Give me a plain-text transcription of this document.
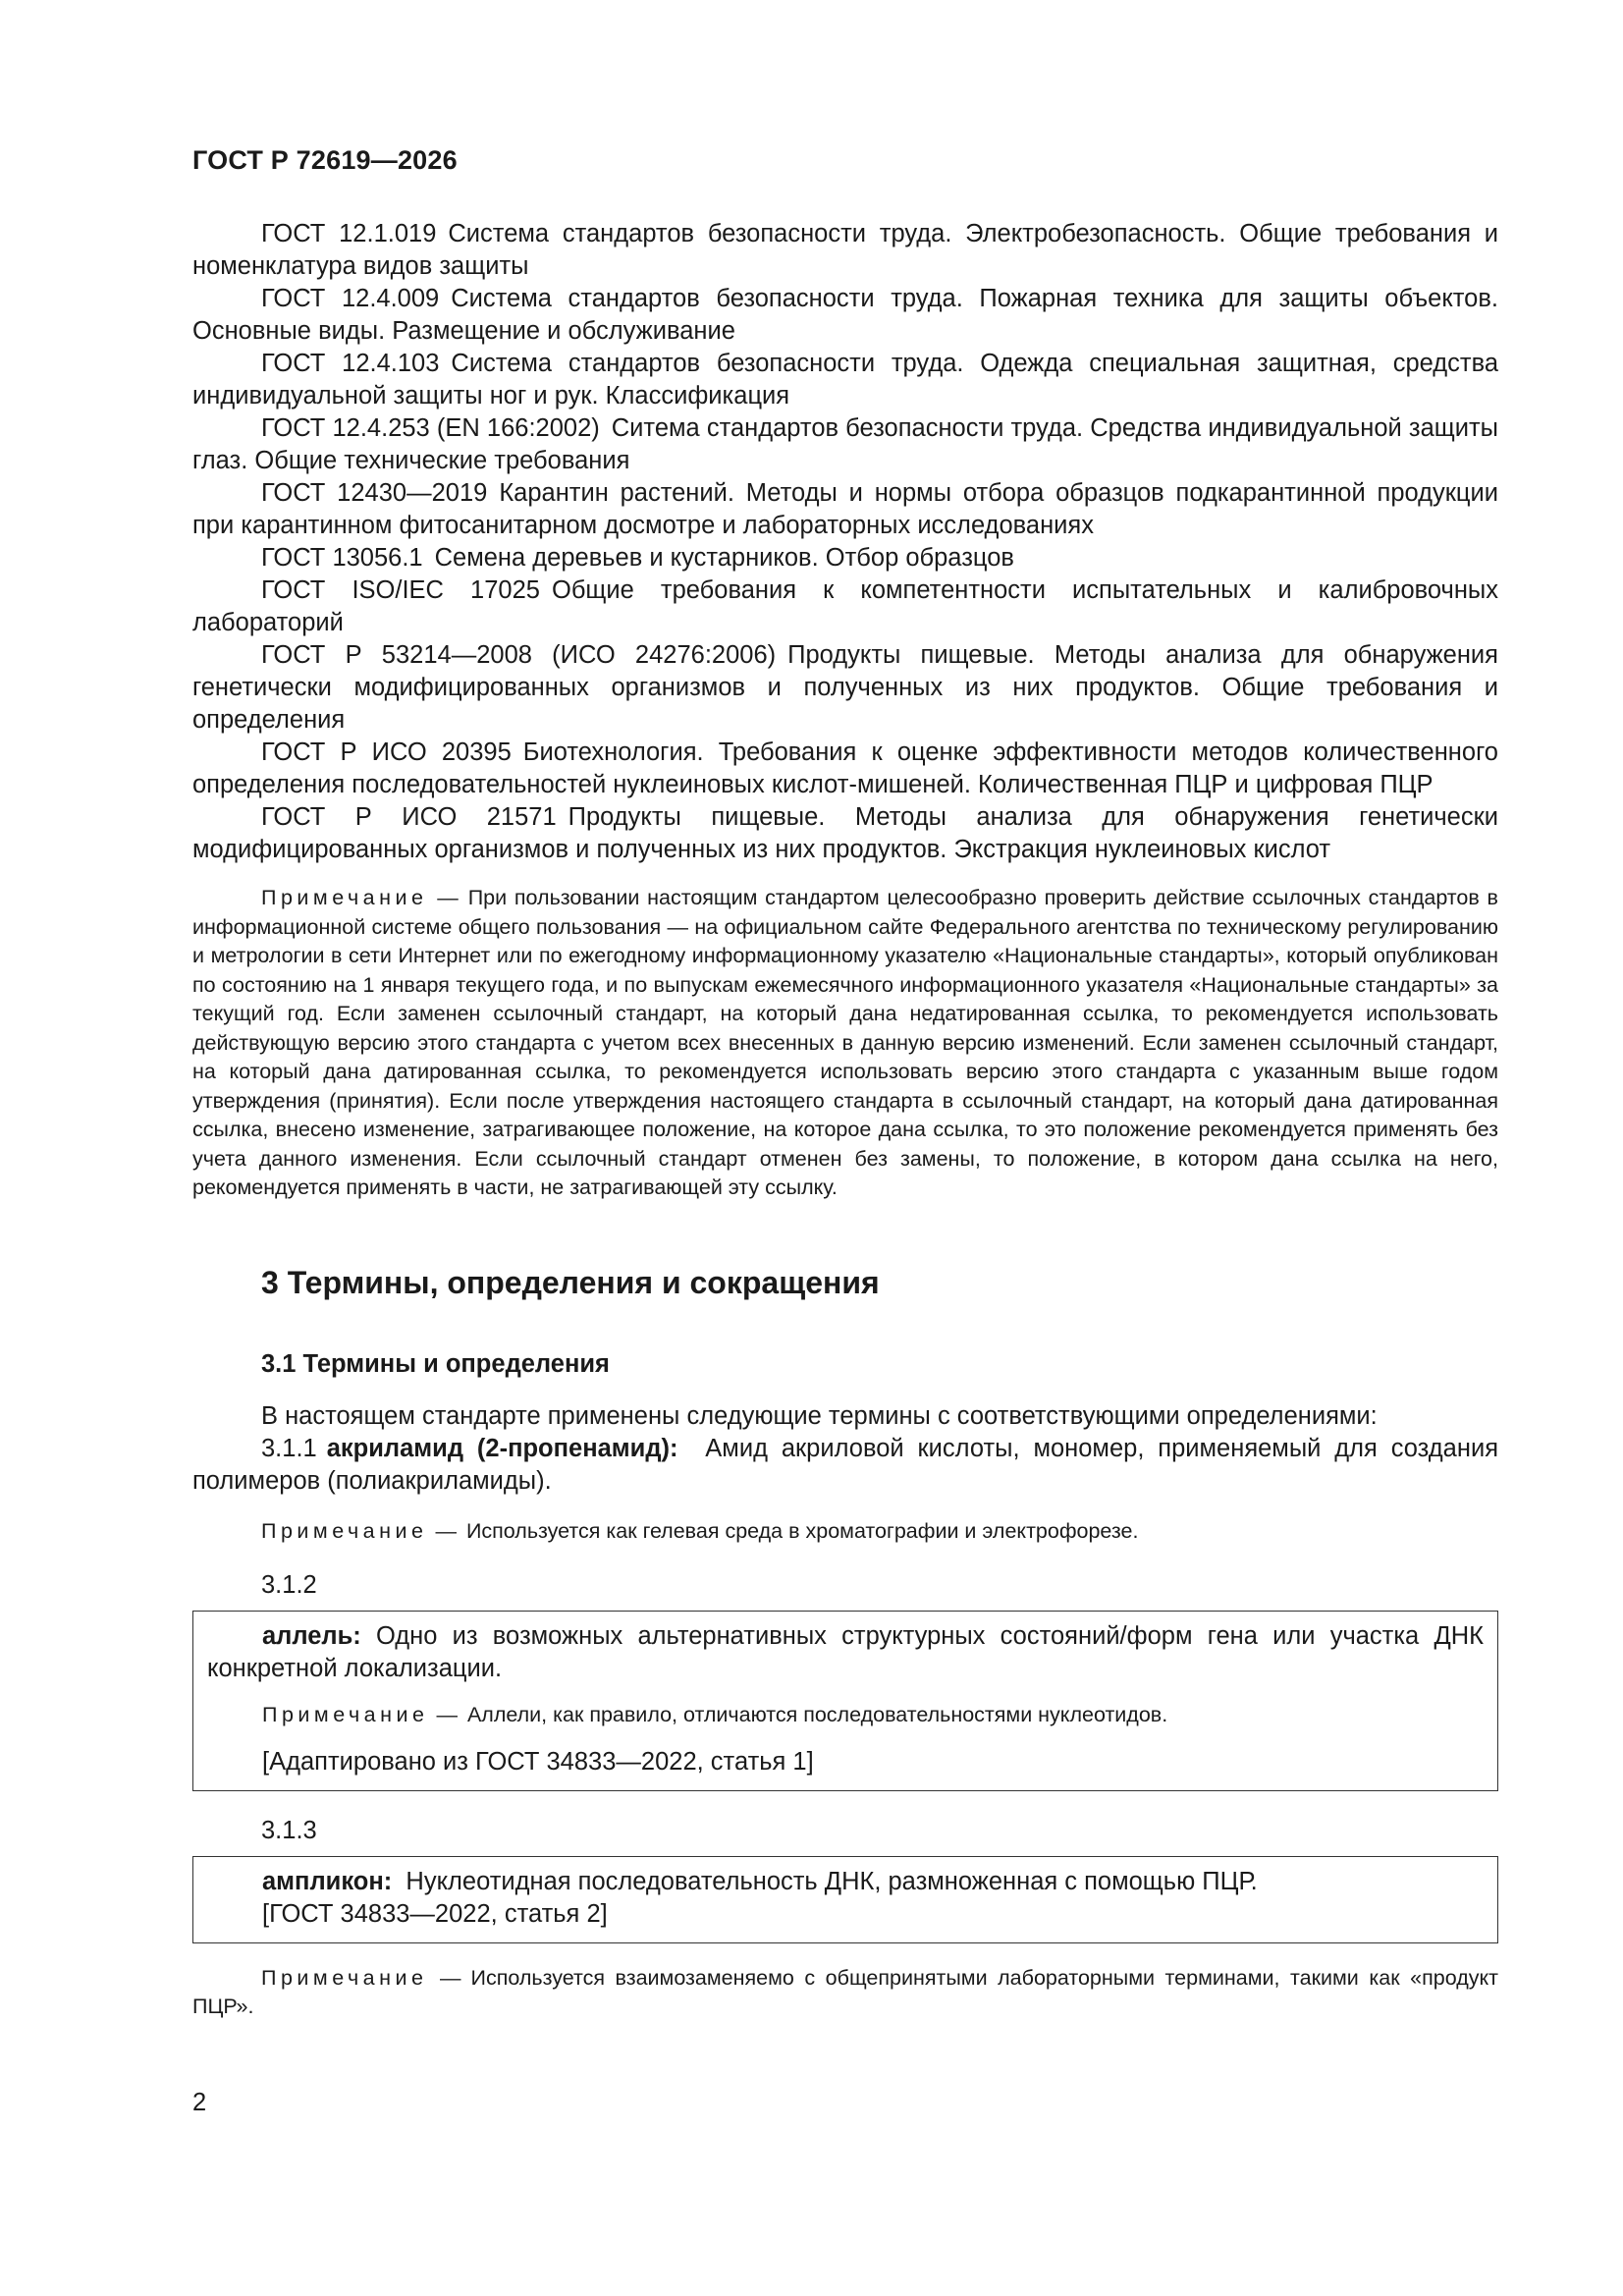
ГОСТ Р 72619—2026

ГОСТ 12.1.019 Система стандартов безопасности труда. Электробезопасность. Общие требования и номенклатура видов защиты

ГОСТ 12.4.009 Система стандартов безопасности труда. Пожарная техника для защиты объектов. Основные виды. Размещение и обслуживание

ГОСТ 12.4.103 Система стандартов безопасности труда. Одежда специальная защитная, средства индивидуальной защиты ног и рук. Классификация

ГОСТ 12.4.253 (EN 166:2002) Ситема стандартов безопасности труда. Средства индивидуальной защиты глаз. Общие технические требования

ГОСТ 12430—2019 Карантин растений. Методы и нормы отбора образцов подкарантинной продукции при карантинном фитосанитарном досмотре и лабораторных исследованиях

ГОСТ 13056.1 Семена деревьев и кустарников. Отбор образцов

ГОСТ ISO/IEC 17025 Общие требования к компетентности испытательных и калибровочных лабораторий

ГОСТ Р 53214—2008 (ИСО 24276:2006) Продукты пищевые. Методы анализа для обнаружения генетически модифицированных организмов и полученных из них продуктов. Общие требования и определения

ГОСТ Р ИСО 20395 Биотехнология. Требования к оценке эффективности методов количественного определения последовательностей нуклеиновых кислот-мишеней. Количественная ПЦР и цифровая ПЦР

ГОСТ Р ИСО 21571 Продукты пищевые. Методы анализа для обнаружения генетически модифицированных организмов и полученных из них продуктов. Экстракция нуклеиновых кислот

Примечание — При пользовании настоящим стандартом целесообразно проверить действие ссылочных стандартов в информационной системе общего пользования — на официальном сайте Федерального агентства по техническому регулированию и метрологии в сети Интернет или по ежегодному информационному указателю «Национальные стандарты», который опубликован по состоянию на 1 января текущего года, и по выпускам ежемесячного информационного указателя «Национальные стандарты» за текущий год. Если заменен ссылочный стандарт, на который дана недатированная ссылка, то рекомендуется использовать действующую версию этого стандарта с учетом всех внесенных в данную версию изменений. Если заменен ссылочный стандарт, на который дана датированная ссылка, то рекомендуется использовать версию этого стандарта с указанным выше годом утверждения (принятия). Если после утверждения настоящего стандарта в ссылочный стандарт, на который дана датированная ссылка, внесено изменение, затрагивающее положение, на которое дана ссылка, то это положение рекомендуется применять без учета данного изменения. Если ссылочный стандарт отменен без замены, то положение, в котором дана ссылка на него, рекомендуется применять в части, не затрагивающей эту ссылку.

3 Термины, определения и сокращения
3.1 Термины и определения

В настоящем стандарте применены следующие термины с соответствующими определениями:

3.1.1 акриламид (2-пропенамид): Амид акриловой кислоты, мономер, применяемый для создания полимеров (полиакриламиды).

Примечание — Используется как гелевая среда в хроматографии и электрофорезе.

3.1.2

аллель: Одно из возможных альтернативных структурных состояний/форм гена или участка ДНК конкретной локализации.

Примечание — Аллели, как правило, отличаются последовательностями нуклеотидов.

[Адаптировано из ГОСТ 34833—2022, статья 1]
3.1.3
ампликон: Нуклеотидная последовательность ДНК, размноженная с помощью ПЦР.
[ГОСТ 34833—2022, статья 2]

Примечание — Используется взаимозаменяемо с общепринятыми лабораторными терминами, такими как «продукт ПЦР».

2
